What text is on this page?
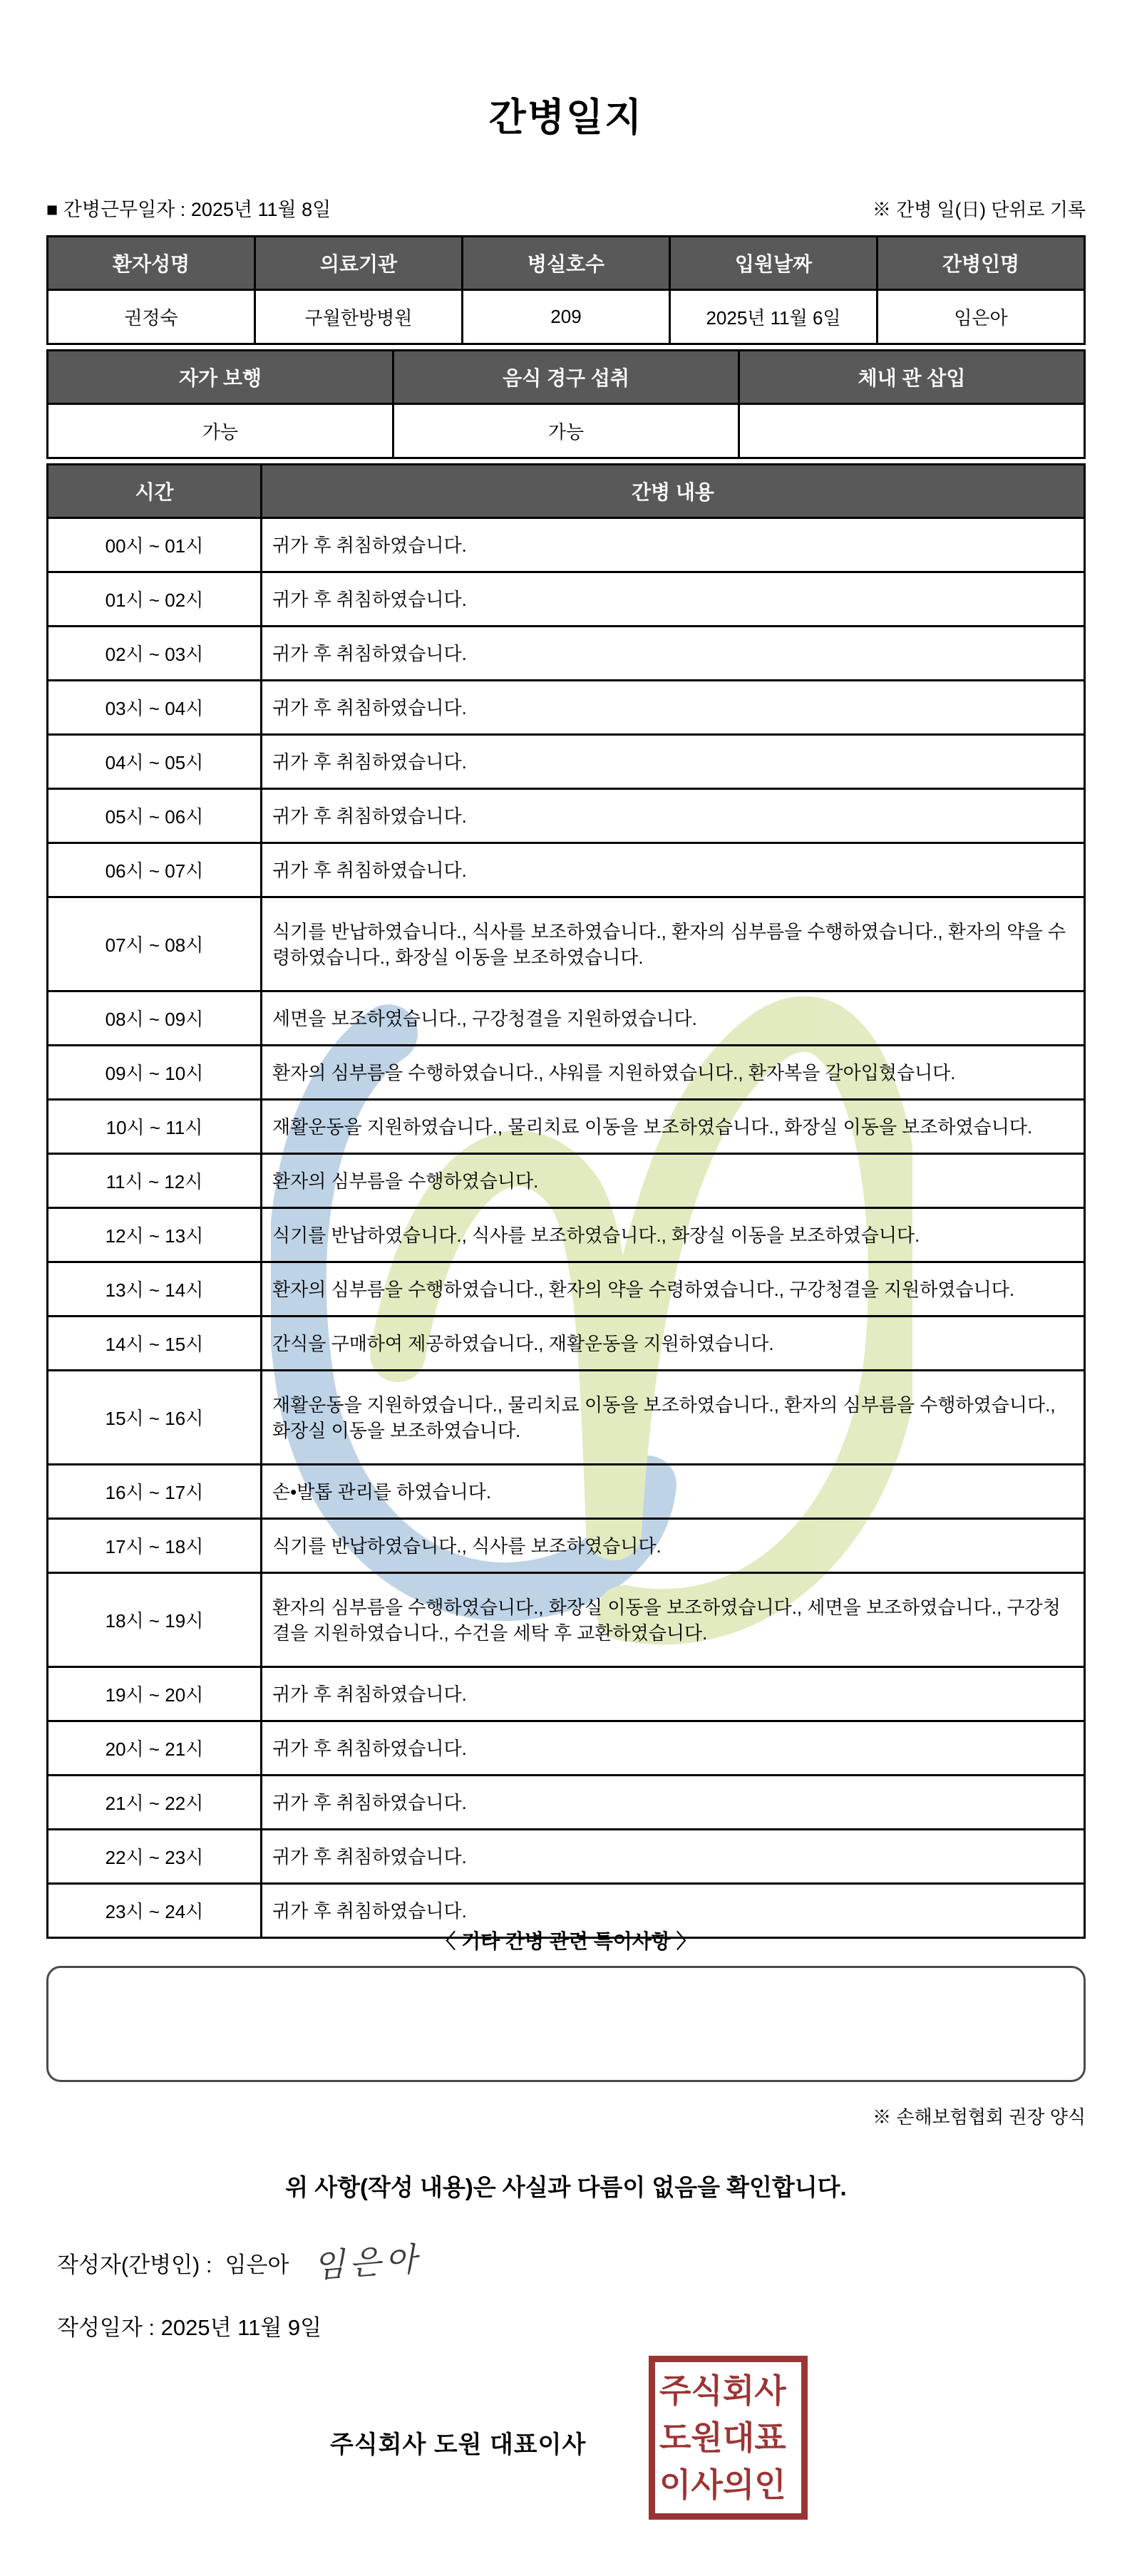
간병일지
■ 간병근무일자 : 2025년 11월 8일	※ 간병 일(日) 단위로 기록
환자성명	의료기관	병실호수	입원날짜	간병인명
권정숙	구월한방병원	209	2025년 11월 6일	임은아
자가 보행	음식 경구 섭취	체내 관 삽입
가능	가능	
시간	간병 내용
00시 ~ 01시	귀가 후 취침하였습니다.
01시 ~ 02시	귀가 후 취침하였습니다.
02시 ~ 03시	귀가 후 취침하였습니다.
03시 ~ 04시	귀가 후 취침하였습니다.
04시 ~ 05시	귀가 후 취침하였습니다.
05시 ~ 06시	귀가 후 취침하였습니다.
06시 ~ 07시	귀가 후 취침하였습니다.
07시 ~ 08시	식기를 반납하였습니다., 식사를 보조하였습니다., 환자의 심부름을 수행하였습니다., 환자의 약을 수령하였습니다., 화장실 이동을 보조하였습니다.
08시 ~ 09시	세면을 보조하였습니다., 구강청결을 지원하였습니다.
09시 ~ 10시	환자의 심부름을 수행하였습니다., 샤워를 지원하였습니다., 환자복을 갈아입혔습니다.
10시 ~ 11시	재활운동을 지원하였습니다., 물리치료 이동을 보조하였습니다., 화장실 이동을 보조하였습니다.
11시 ~ 12시	환자의 심부름을 수행하였습니다.
12시 ~ 13시	식기를 반납하였습니다., 식사를 보조하였습니다., 화장실 이동을 보조하였습니다.
13시 ~ 14시	환자의 심부름을 수행하였습니다., 환자의 약을 수령하였습니다., 구강청결을 지원하였습니다.
14시 ~ 15시	간식을 구매하여 제공하였습니다., 재활운동을 지원하였습니다.
15시 ~ 16시	재활운동을 지원하였습니다., 물리치료 이동을 보조하였습니다., 환자의 심부름을 수행하였습니다., 화장실 이동을 보조하였습니다.
16시 ~ 17시	손•발톱 관리를 하였습니다.
17시 ~ 18시	식기를 반납하였습니다., 식사를 보조하였습니다.
18시 ~ 19시	환자의 심부름을 수행하였습니다., 화장실 이동을 보조하였습니다., 세면을 보조하였습니다., 구강청결을 지원하였습니다., 수건을 세탁 후 교환하였습니다.
19시 ~ 20시	귀가 후 취침하였습니다.
20시 ~ 21시	귀가 후 취침하였습니다.
21시 ~ 22시	귀가 후 취침하였습니다.
22시 ~ 23시	귀가 후 취침하였습니다.
23시 ~ 24시	귀가 후 취침하였습니다.
〈 기타 간병 관련 특이사항 〉
※ 손해보험협회 권장 양식
위 사항(작성 내용)은 사실과 다름이 없음을 확인합니다.
작성자(간병인) : 임은아 임은아
작성일자 : 2025년 11월 9일
주식회사 도원 대표이사
주식회사
도원대표
이사의인
